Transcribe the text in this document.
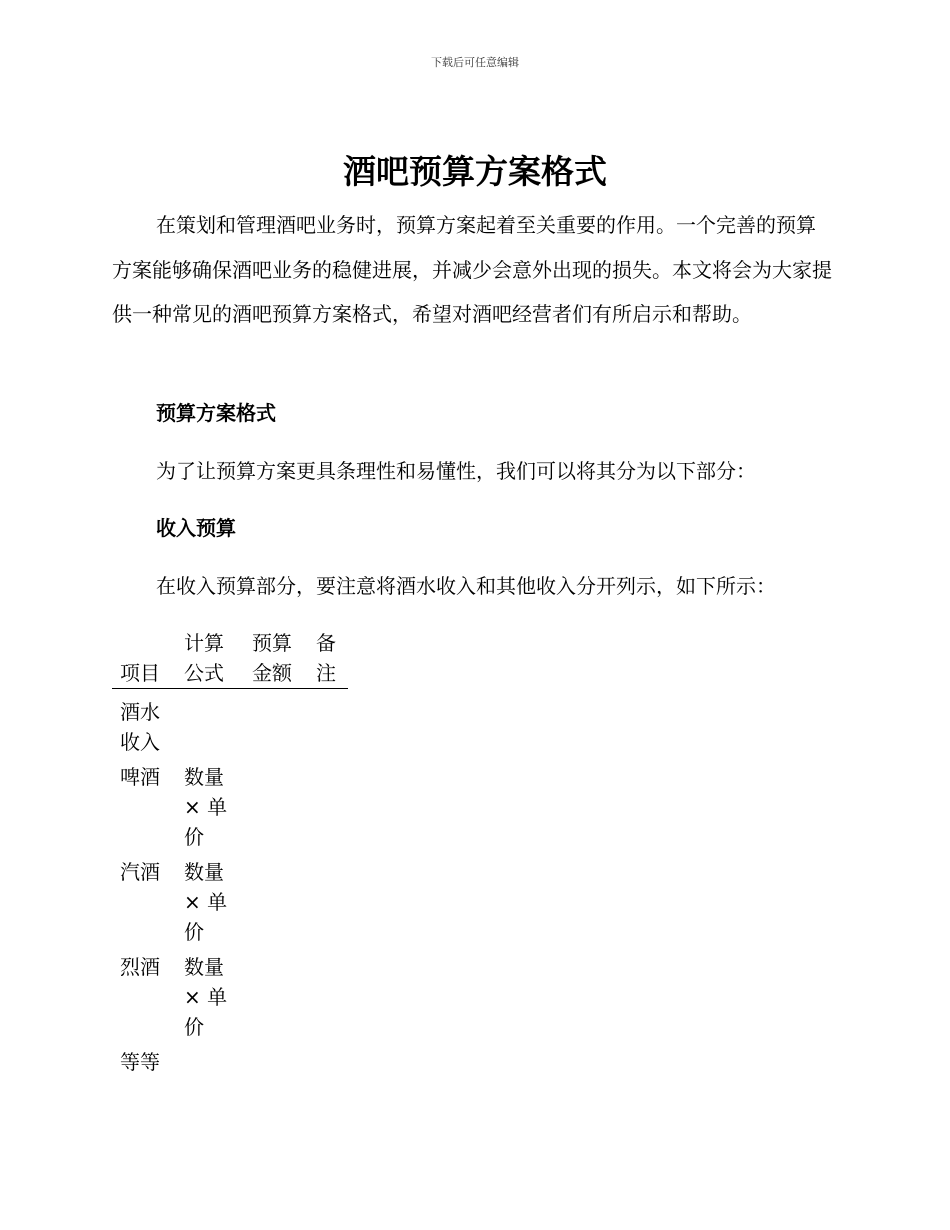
下载后可任意编辑
酒吧预算方案格式

在策划和管理酒吧业务时，预算方案起着至关重要的作用。一个完善的预算方案能够确保酒吧业务的稳健进展，并减少会意外出现的损失。本文将会为大家提供一种常见的酒吧预算方案格式，希望对酒吧经营者们有所启示和帮助。

预算方案格式

为了让预算方案更具条理性和易懂性，我们可以将其分为以下部分：

收入预算

在收入预算部分，要注意将酒水收入和其他收入分开列示，如下所示：

项目	计算公式	预算金额	备注
酒水收入			
啤酒	数量 × 单价		
汽酒	数量 × 单价		
烈酒	数量 × 单价		
等等			
